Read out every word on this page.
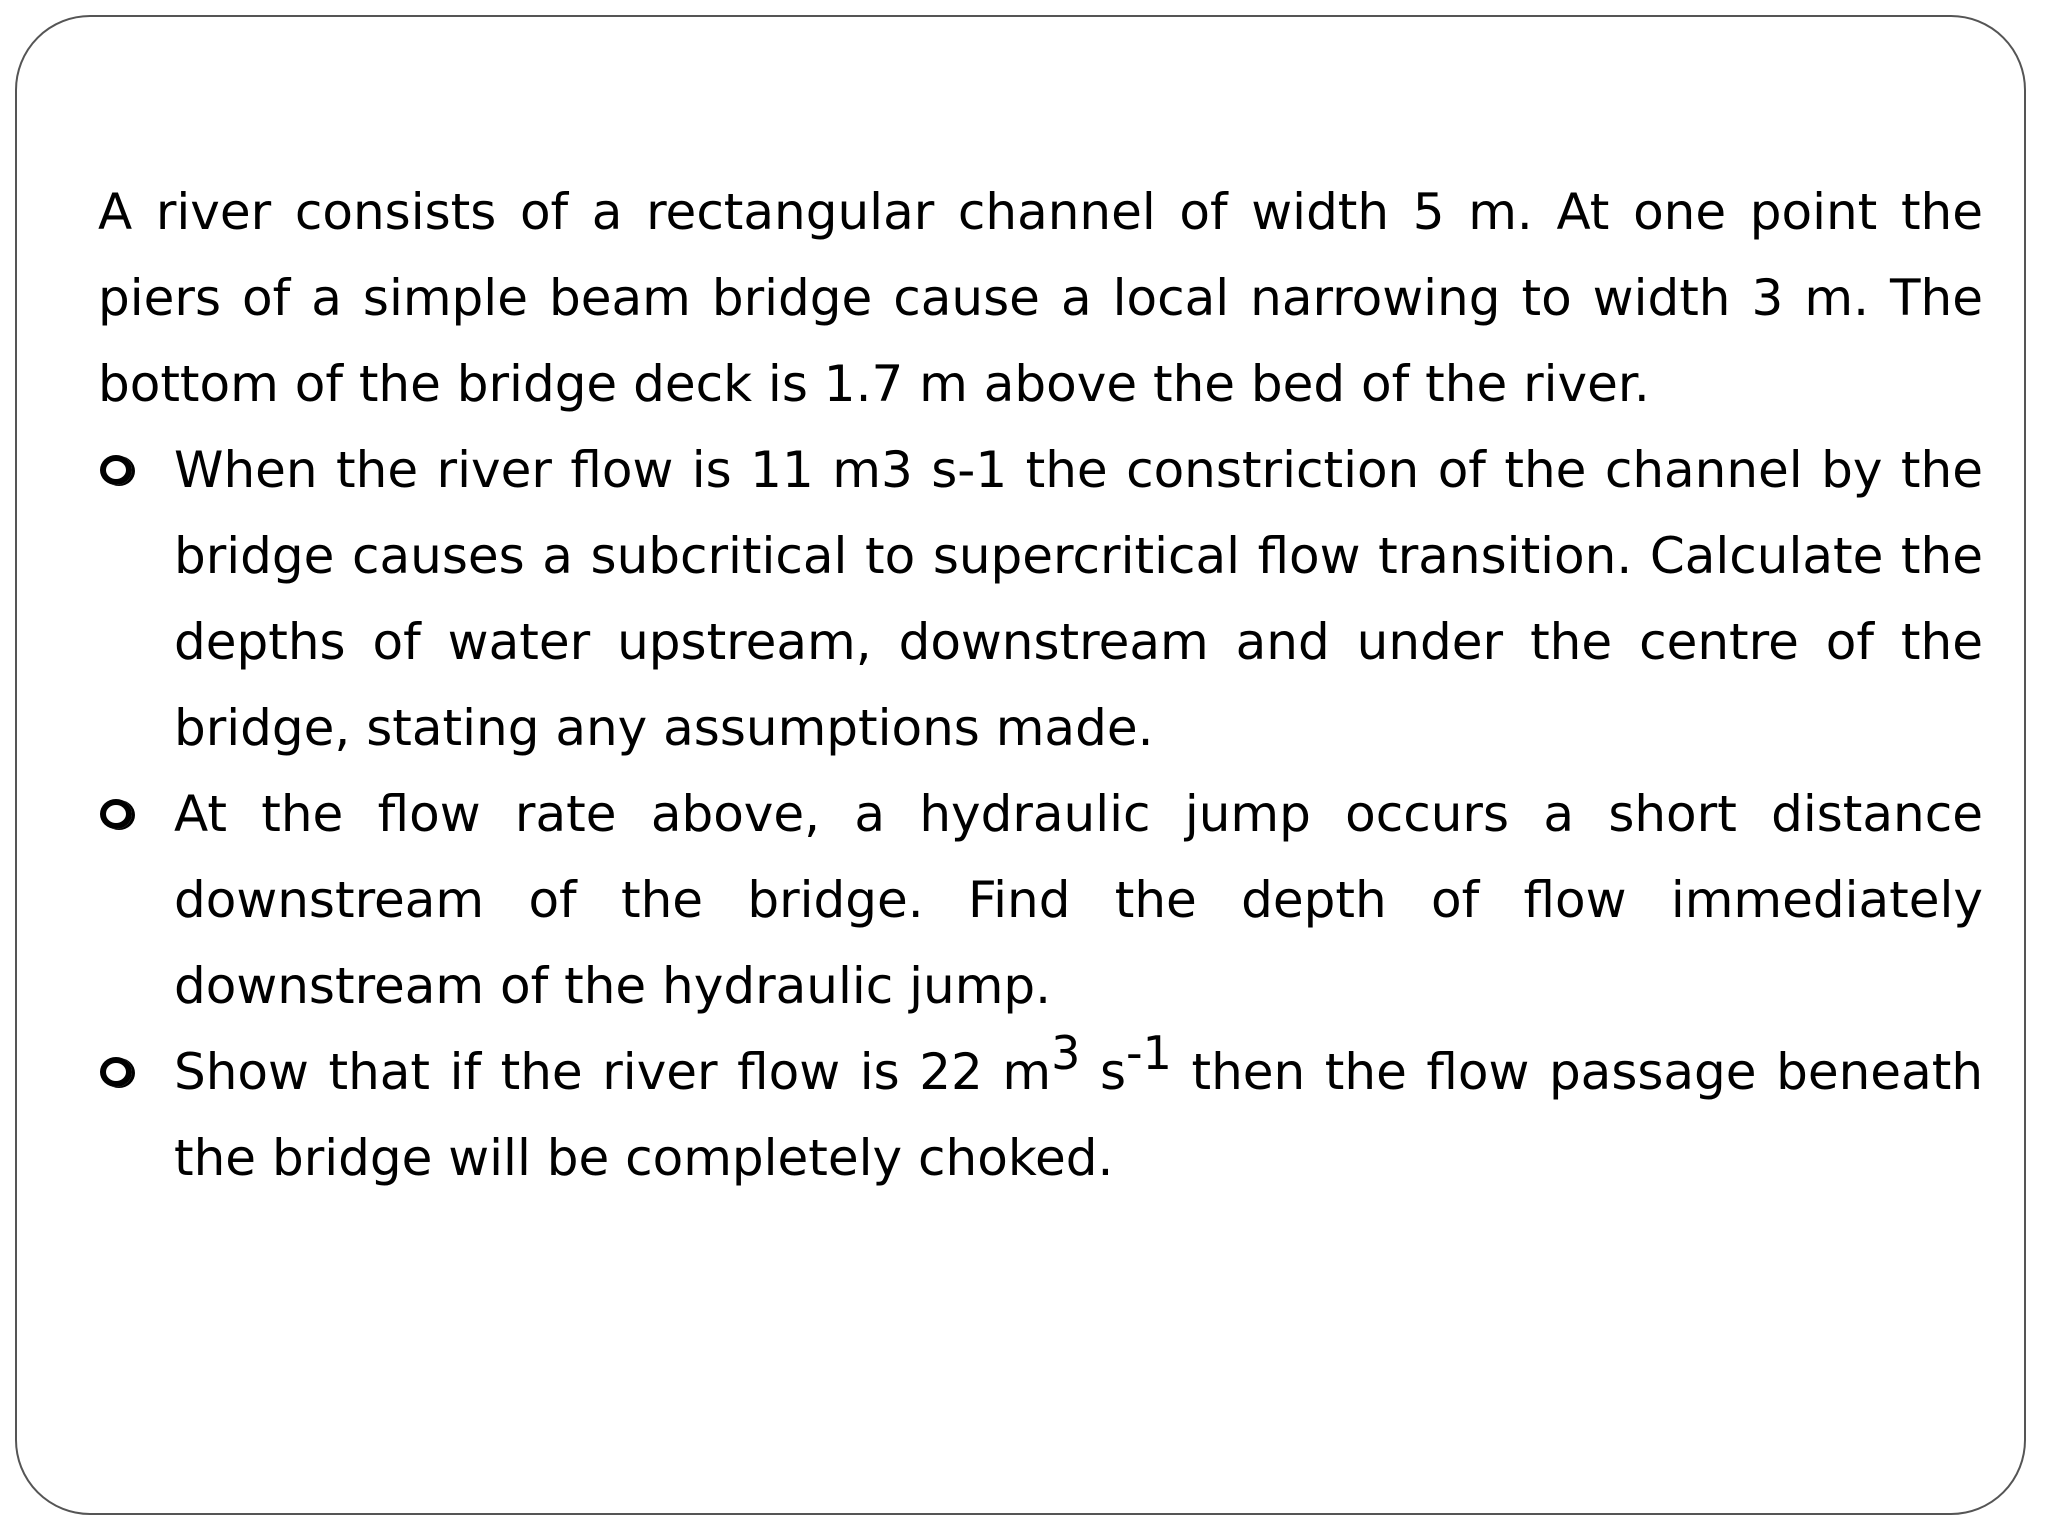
A river consists of a rectangular channel of width 5 m. At one point the piers of a simple beam bridge cause a local narrowing to width 3 m. The bottom of the bridge deck is 1.7 m above the bed of the river.

When the river flow is 11 m3 s-1 the constriction of the channel by the bridge causes a subcritical to supercritical flow transition. Calculate the depths of water upstream, downstream and under the centre of the bridge, stating any assumptions made.
At the flow rate above, a hydraulic jump occurs a short distance downstream of the bridge. Find the depth of flow immediately downstream of the hydraulic jump.
Show that if the river flow is 22 m3 s-1 then the flow passage beneath the bridge will be completely choked.
